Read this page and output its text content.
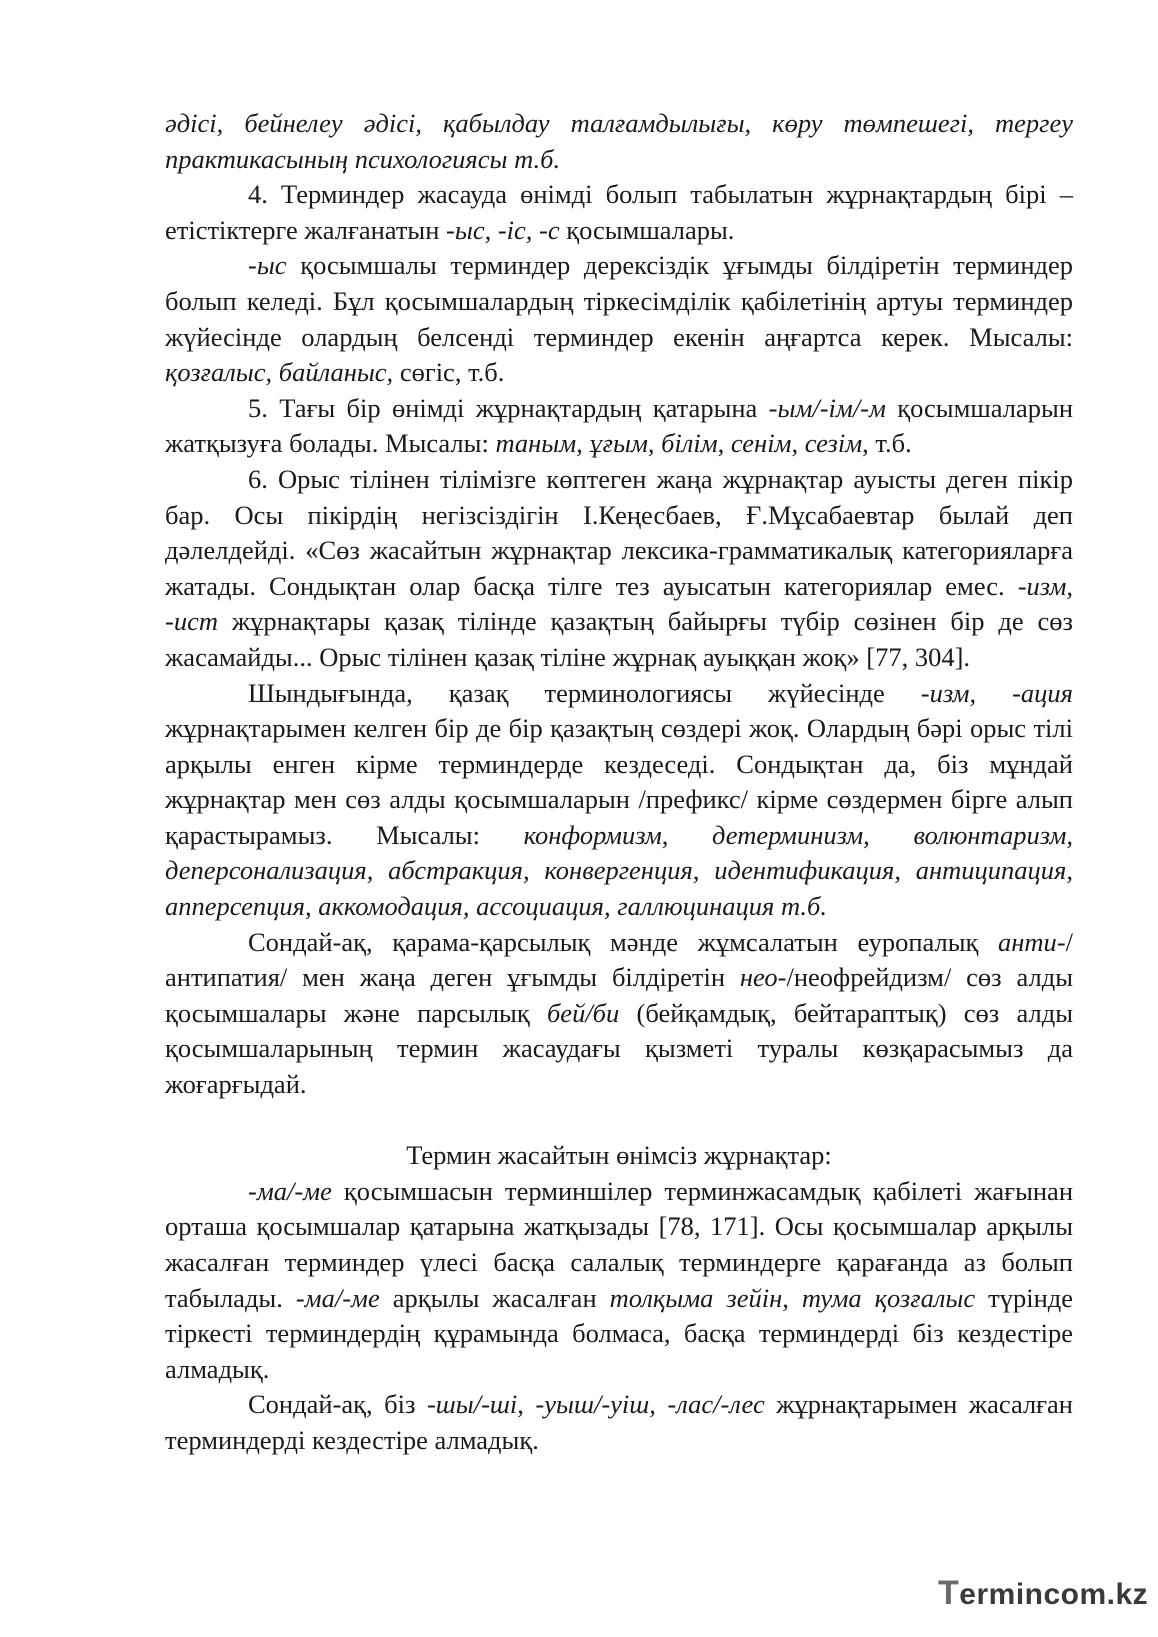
әдісі, бейнелеу әдісі, қабылдау талғамдылығы, көру төмпешегі, тергеу практикасының психологиясы т.б.

4. Терминдер жасауда өнімді болып табылатын жұрнақтардың бірі – етістіктерге жалғанатын -ыс, -іс, -с қосымшалары.

-ыс қосымшалы терминдер дерексіздік ұғымды білдіретін терминдер болып келеді. Бұл қосымшалардың тіркесімділік қабілетінің артуы терминдер жүйесінде олардың белсенді терминдер екенін аңғартса керек. Мысалы: қозғалыс, байланыс, сөгіс, т.б.

5. Тағы бір өнімді жұрнақтардың қатарына -ым/-ім/-м қосымшаларын жатқызуға болады. Мысалы: таным, ұғым, білім, сенім, сезім, т.б.

6. Орыс тілінен тілімізге көптеген жаңа жұрнақтар ауысты деген пікір бар. Осы пікірдің негізсіздігін І.Кеңесбаев, Ғ.Мұсабаевтар былай деп дәлелдейді. «Сөз жасайтын жұрнақтар лексика-грамматикалық категорияларға жатады. Сондықтан олар басқа тілге тез ауысатын категориялар емес. -изм, -ист жұрнақтары қазақ тілінде қазақтың байырғы түбір сөзінен бір де сөз жасамайды... Орыс тілінен қазақ тіліне жұрнақ ауыққан жоқ» [77, 304].

Шындығында, қазақ терминологиясы жүйесінде -изм, -ация жұрнақтарымен келген бір де бір қазақтың сөздері жоқ. Олардың бәрі орыс тілі арқылы енген кірме терминдерде кездеседі. Сондықтан да, біз мұндай жұрнақтар мен сөз алды қосымшаларын /префикс/ кірме сөздермен бірге алып қарастырамыз. Мысалы: конформизм, детерминизм, волюнтаризм, деперсонализация, абстракция, конвергенция, идентификация, антиципация, апперсепция, аккомодация, ассоциация, галлюцинация т.б.

Сондай-ақ, қарама-қарсылық мәнде жұмсалатын еуропалық анти-/антипатия/ мен жаңа деген ұғымды білдіретін нео-/неофрейдизм/ сөз алды қосымшалары және парсылық бей/би (бейқамдық, бейтараптық) сөз алды қосымшаларының термин жасаудағы қызметі туралы көзқарасымыз да жоғарғыдай.

Термин жасайтын өнімсіз жұрнақтар:

-ма/-ме қосымшасын терминшілер терминжасамдық қабілеті жағынан орташа қосымшалар қатарына жатқызады [78, 171]. Осы қосымшалар арқылы жасалған терминдер үлесі басқа салалық терминдерге қарағанда аз болып табылады. -ма/-ме арқылы жасалған толқыма зейін, тума қозғалыс түрінде тіркесті терминдердің құрамында болмаса, басқа терминдерді біз кездестіре алмадық.

Сондай-ақ, біз -шы/-ші, -уыш/-уіш, -лас/-лес жұрнақтарымен жасалған терминдерді кездестіре алмадық.

Termincom.kz
